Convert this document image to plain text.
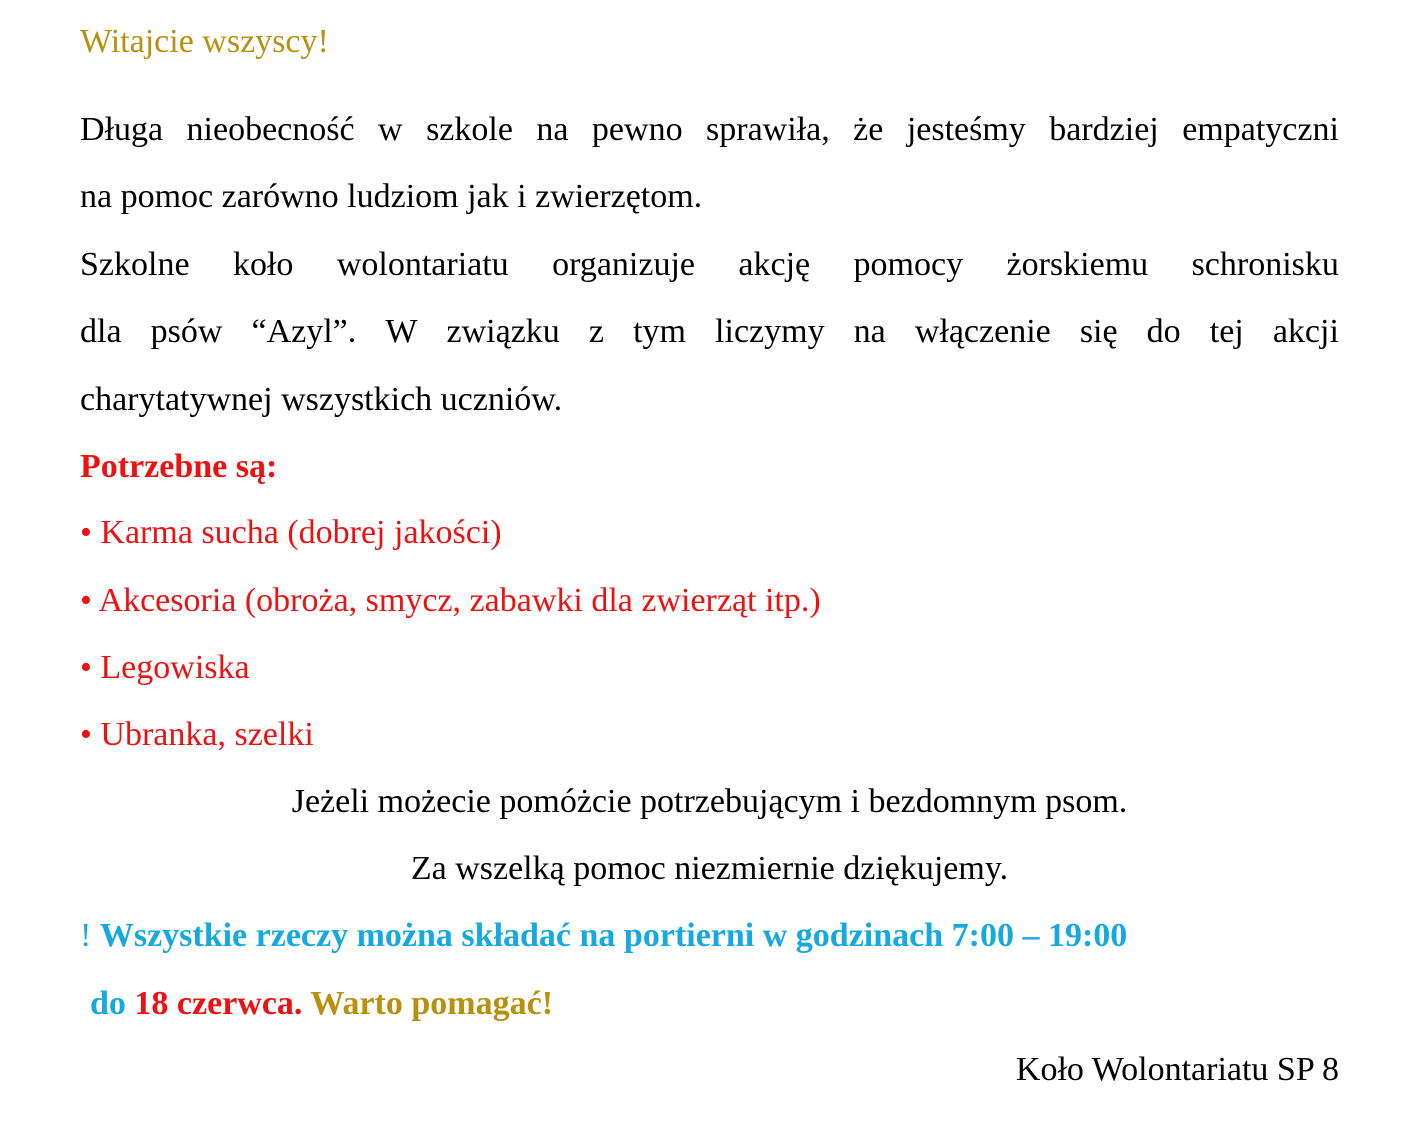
Witajcie wszyscy!
Długa nieobecność w szkole na pewno sprawiła, że jesteśmy bardziej empatyczni
na pomoc zarówno ludziom jak i zwierzętom.
Szkolne koło wolontariatu organizuje akcję pomocy żorskiemu schronisku
dla psów “Azyl”. W związku z tym liczymy na włączenie się do tej akcji
charytatywnej wszystkich uczniów.
Potrzebne są:
• Karma sucha (dobrej jakości)
• Akcesoria (obroża, smycz, zabawki dla zwierząt itp.)
• Legowiska
• Ubranka, szelki
Jeżeli możecie pomóżcie potrzebującym i bezdomnym psom.
Za wszelką pomoc niezmiernie dziękujemy.
! Wszystkie rzeczy można składać na portierni w godzinach 7:00 – 19:00
do 18 czerwca. Warto pomagać!
Koło Wolontariatu SP 8
